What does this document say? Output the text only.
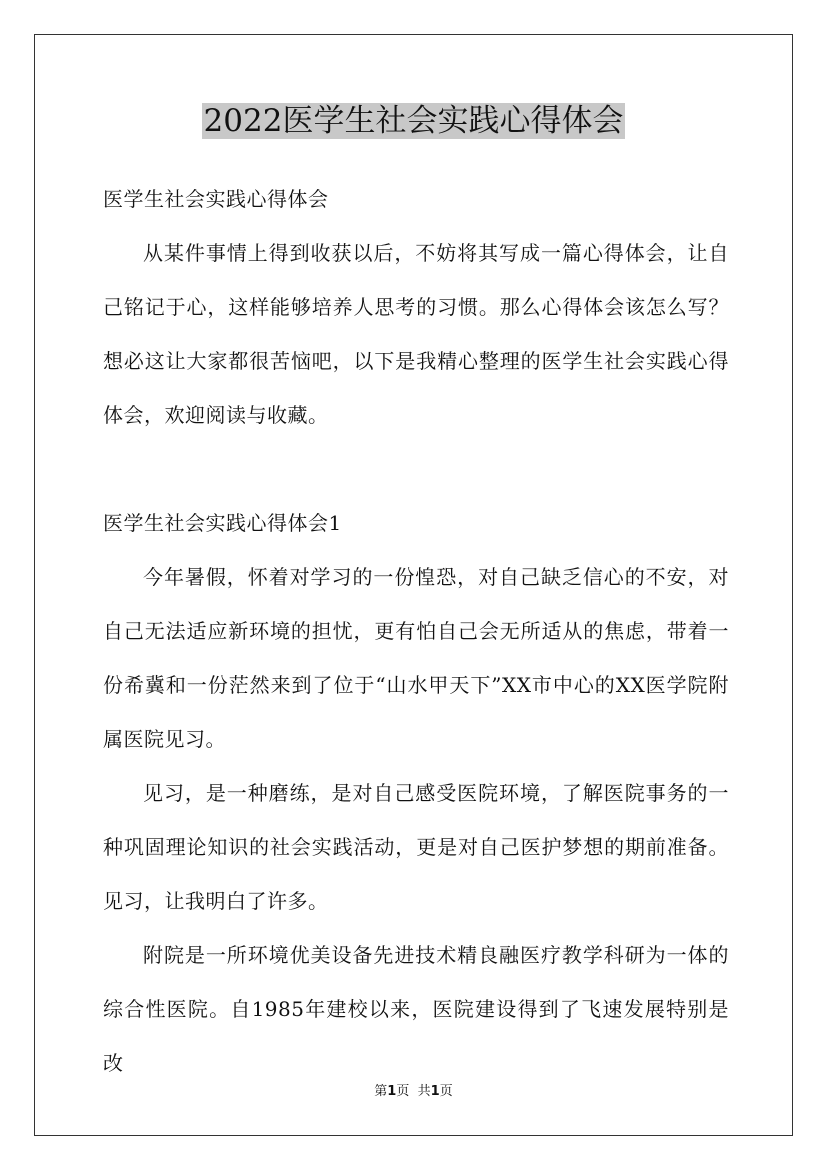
2022医学生社会实践心得体会

医学生社会实践心得体会

从某件事情上得到收获以后，不妨将其写成一篇心得体会，让自己铭记于心，这样能够培养人思考的习惯。那么心得体会该怎么写？想必这让大家都很苦恼吧，以下是我精心整理的医学生社会实践心得体会，欢迎阅读与收藏。

医学生社会实践心得体会1

今年暑假，怀着对学习的一份惶恐，对自己缺乏信心的不安，对自己无法适应新环境的担忧，更有怕自己会无所适从的焦虑，带着一份希冀和一份茫然来到了位于“山水甲天下”XX市中心的XX医学院附属医院见习。

见习，是一种磨练，是对自己感受医院环境，了解医院事务的一种巩固理论知识的社会实践活动，更是对自己医护梦想的期前准备。见习，让我明白了许多。

附院是一所环境优美设备先进技术精良融医疗教学科研为一体的综合性医院。自1985年建校以来，医院建设得到了飞速发展特别是改

第1页 共1页
